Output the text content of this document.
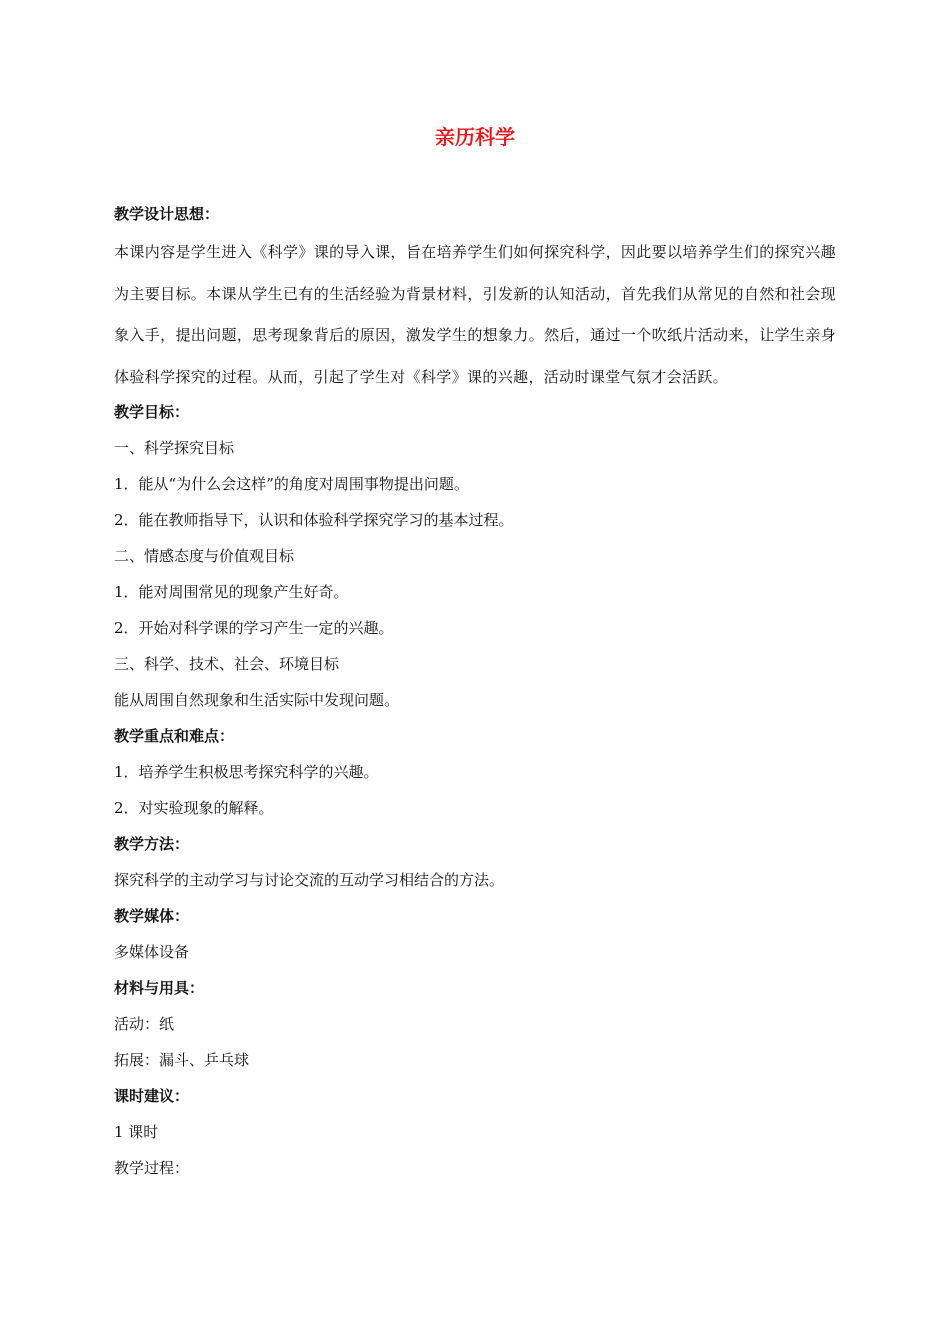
亲历科学
教学设计思想：
本课内容是学生进入《科学》课的导入课，旨在培养学生们如何探究科学，因此要以培养学生们的探究兴趣为主要目标。本课从学生已有的生活经验为背景材料，引发新的认知活动，首先我们从常见的自然和社会现象入手，提出问题，思考现象背后的原因，激发学生的想象力。然后，通过一个吹纸片活动来，让学生亲身体验科学探究的过程。从而，引起了学生对《科学》课的兴趣，活动时课堂气氛才会活跃。
教学目标：
一、科学探究目标
1．能从“为什么会这样”的角度对周围事物提出问题。
2．能在教师指导下，认识和体验科学探究学习的基本过程。
二、情感态度与价值观目标
1．能对周围常见的现象产生好奇。
2．开始对科学课的学习产生一定的兴趣。
三、科学、技术、社会、环境目标
能从周围自然现象和生活实际中发现问题。
教学重点和难点：
1．培养学生积极思考探究科学的兴趣。
2．对实验现象的解释。
教学方法：
探究科学的主动学习与讨论交流的互动学习相结合的方法。
教学媒体：
多媒体设备
材料与用具：
活动：纸
拓展：漏斗、乒乓球
课时建议：
1 课时
教学过程：
